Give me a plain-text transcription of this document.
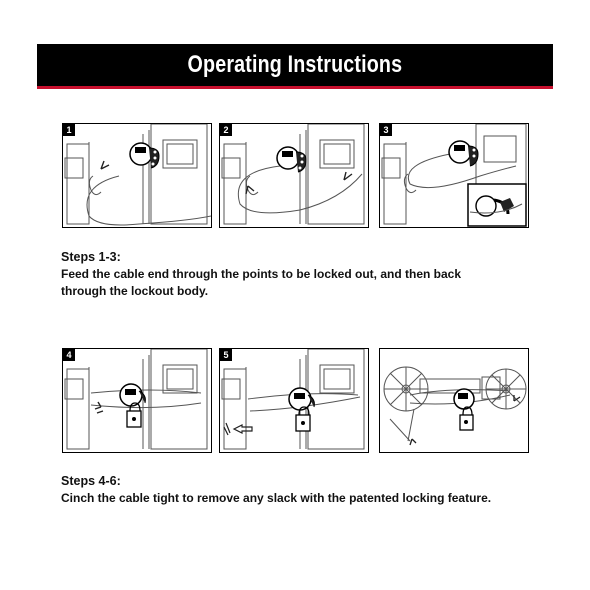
Operating Instructions
1	2	3
Steps 1-3:
Feed the cable end through the points to be locked out, and then back
through the lockout body.
4	5
Steps 4-6:
Cinch the cable tight to remove any slack with the patented locking feature.
